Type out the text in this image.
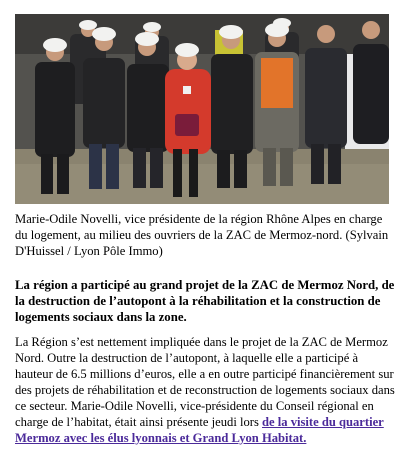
Marie-Odile Novelli, vice présidente de la région Rhône Alpes en charge du logement, au milieu des ouvriers de la ZAC de Mermoz-nord. (Sylvain D'Huissel / Lyon Pôle Immo)

La région a participé au grand projet de la ZAC de Mermoz Nord, de la destruction de l’autopont à la réhabilitation et la construction de logements sociaux dans la zone.

La Région s’est nettement impliquée dans le projet de la ZAC de Mermoz Nord. Outre la destruction de l’autopont, à laquelle elle a participé à hauteur de 6.5 millions d’euros, elle a en outre participé financièrement sur des projets de réhabilitation et de reconstruction de logements sociaux dans ce secteur. Marie-Odile Novelli, vice-présidente du Conseil régional en charge de l’habitat, était ainsi présente jeudi lors de la visite du quartier Mermoz avec les élus lyonnais et Grand Lyon Habitat.
